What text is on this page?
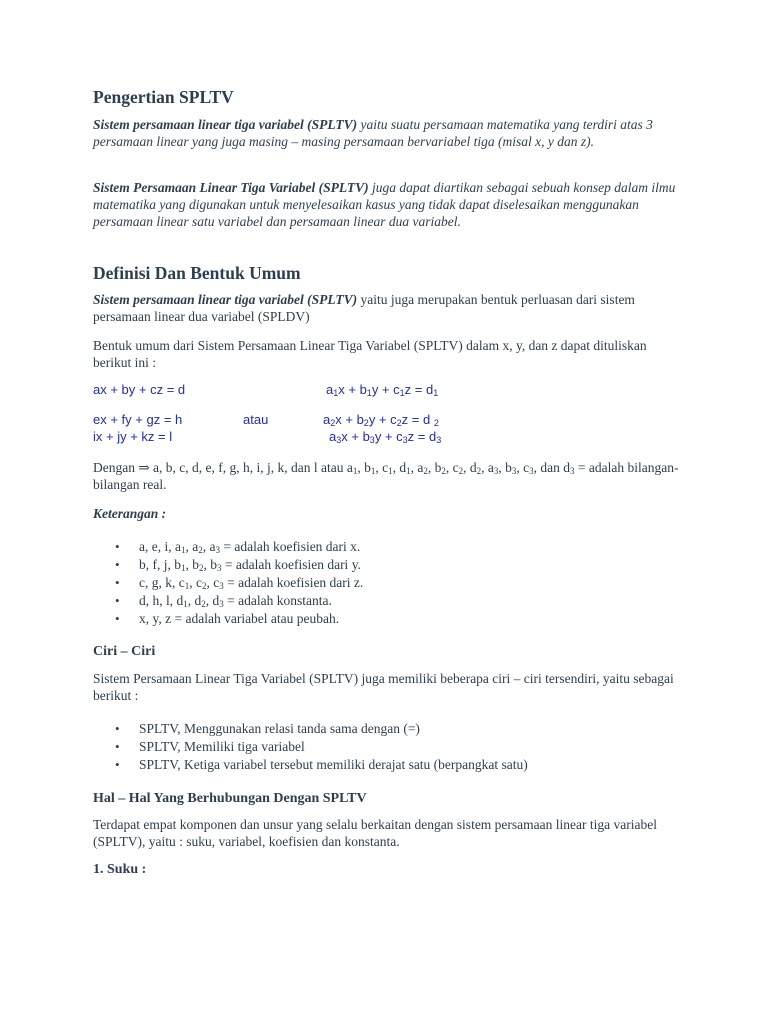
Pengertian SPLTV

Sistem persamaan linear tiga variabel (SPLTV) yaitu suatu persamaan matematika yang terdiri atas 3 persamaan linear yang juga masing – masing persamaan bervariabel tiga (misal x, y dan z).

Sistem Persamaan Linear Tiga Variabel (SPLTV) juga dapat diartikan sebagai sebuah konsep dalam ilmu matematika yang digunakan untuk menyelesaikan kasus yang tidak dapat diselesaikan menggunakan persamaan linear satu variabel dan persamaan linear dua variabel.

Definisi Dan Bentuk Umum

Sistem persamaan linear tiga variabel (SPLTV) yaitu juga merupakan bentuk perluasan dari sistem persamaan linear dua variabel (SPLDV)

Bentuk umum dari Sistem Persamaan Linear Tiga Variabel (SPLTV) dalam x, y, dan z dapat dituliskan berikut ini :

ax + by + cz = d
ex + fy + gz = h
ix + jy + kz = l
atau
$a_1x + b_1y + c_1z = d_1$
$a_2x + b_2y + c_2z = d$ $_2$
$a_3x + b_3y + c_3z = d_3$

Dengan ⇒ a, b, c, d, e, f, g, h, i, j, k, dan l atau $a_1$, $b_1$, $c_1$, $d_1$, $a_2$, $b_2$, $c_2$, $d_2$, $a_3$, $b_3$, $c_3$, dan $d_3$ = adalah bilangan-bilangan real.

Keterangan :

• a, e, i, $a_1$, $a_2$, $a_3$ = adalah koefisien dari x.
• b, f, j, $b_1$, $b_2$, $b_3$ = adalah koefisien dari y.
• c, g, k, $c_1$, $c_2$, $c_3$ = adalah koefisien dari z.
• d, h, l, $d_1$, $d_2$, $d_3$ = adalah konstanta.
• x, y, z = adalah variabel atau peubah.
Ciri – Ciri

Sistem Persamaan Linear Tiga Variabel (SPLTV) juga memiliki beberapa ciri – ciri tersendiri, yaitu sebagai berikut :

• SPLTV, Menggunakan relasi tanda sama dengan (=)
• SPLTV, Memiliki tiga variabel
• SPLTV, Ketiga variabel tersebut memiliki derajat satu (berpangkat satu)
Hal – Hal Yang Berhubungan Dengan SPLTV

Terdapat empat komponen dan unsur yang selalu berkaitan dengan sistem persamaan linear tiga variabel (SPLTV), yaitu : suku, variabel, koefisien dan konstanta.

1. Suku :
